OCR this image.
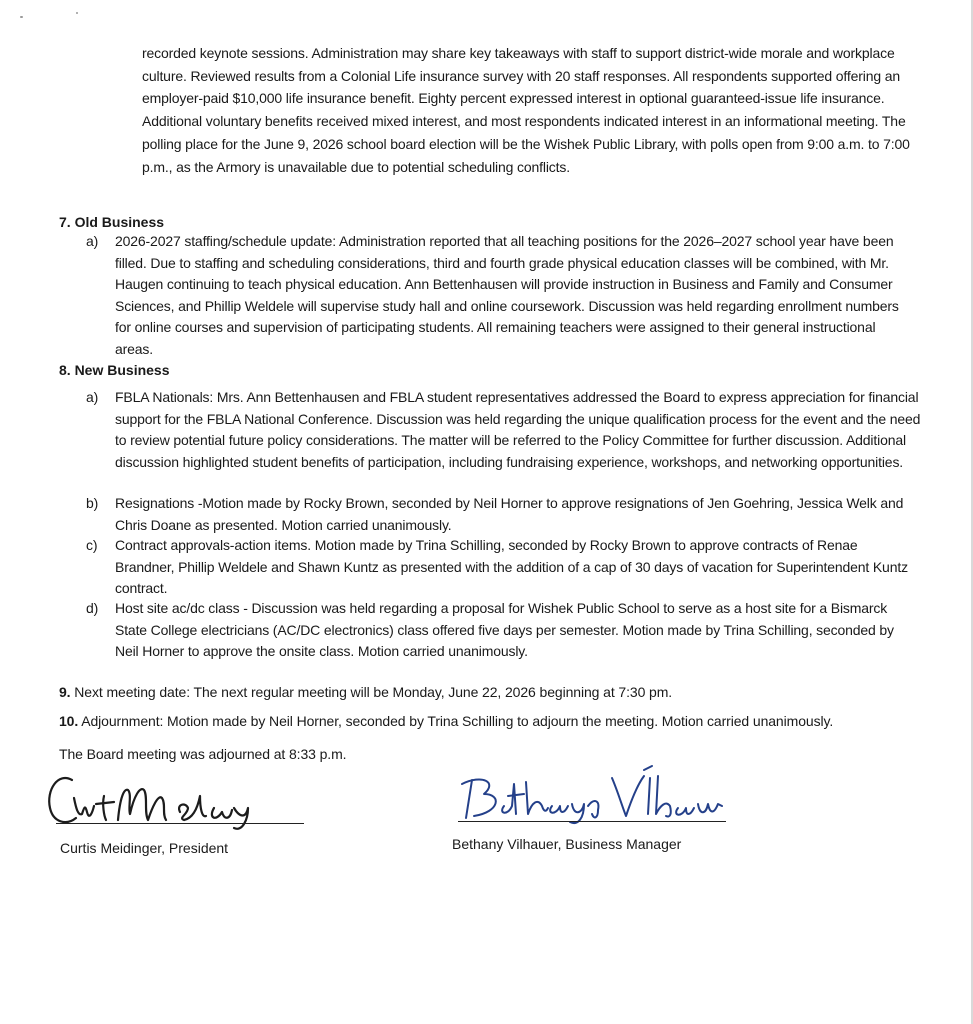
recorded keynote sessions. Administration may share key takeaways with staff to support district-wide morale and workplace culture. Reviewed results from a Colonial Life insurance survey with 20 staff responses. All respondents supported offering an employer-paid $10,000 life insurance benefit. Eighty percent expressed interest in optional guaranteed-issue life insurance. Additional voluntary benefits received mixed interest, and most respondents indicated interest in an informational meeting. The polling place for the June 9, 2026 school board election will be the Wishek Public Library, with polls open from 9:00 a.m. to 7:00 p.m., as the Armory is unavailable due to potential scheduling conflicts.

7. Old Business
a)	2026-2027 staffing/schedule update: Administration reported that all teaching positions for the 2026–2027 school year have been filled. Due to staffing and scheduling considerations, third and fourth grade physical education classes will be combined, with Mr. Haugen continuing to teach physical education. Ann Bettenhausen will provide instruction in Business and Family and Consumer Sciences, and Phillip Weldele will supervise study hall and online coursework. Discussion was held regarding enrollment numbers for online courses and supervision of participating students. All remaining teachers were assigned to their general instructional areas.
8. New Business
a)	FBLA Nationals: Mrs. Ann Bettenhausen and FBLA student representatives addressed the Board to express appreciation for financial support for the FBLA National Conference. Discussion was held regarding the unique qualification process for the event and the need to review potential future policy considerations. The matter will be referred to the Policy Committee for further discussion. Additional discussion highlighted student benefits of participation, including fundraising experience, workshops, and networking opportunities.
b)	Resignations -Motion made by Rocky Brown, seconded by Neil Horner to approve resignations of Jen Goehring, Jessica Welk and Chris Doane as presented. Motion carried unanimously.
c)	Contract approvals-action items. Motion made by Trina Schilling, seconded by Rocky Brown to approve contracts of Renae Brandner, Phillip Weldele and Shawn Kuntz as presented with the addition of a cap of 30 days of vacation for Superintendent Kuntz contract.
d)	Host site ac/dc class - Discussion was held regarding a proposal for Wishek Public School to serve as a host site for a Bismarck State College electricians (AC/DC electronics) class offered five days per semester. Motion made by Trina Schilling, seconded by Neil Horner to approve the onsite class. Motion carried unanimously.
9. Next meeting date: The next regular meeting will be Monday, June 22, 2026 beginning at 7:30 pm.
10. Adjournment: Motion made by Neil Horner, seconded by Trina Schilling to adjourn the meeting. Motion carried unanimously.
The Board meeting was adjourned at 8:33 p.m.
Curtis Meidinger, President	Bethany Vilhauer, Business Manager
